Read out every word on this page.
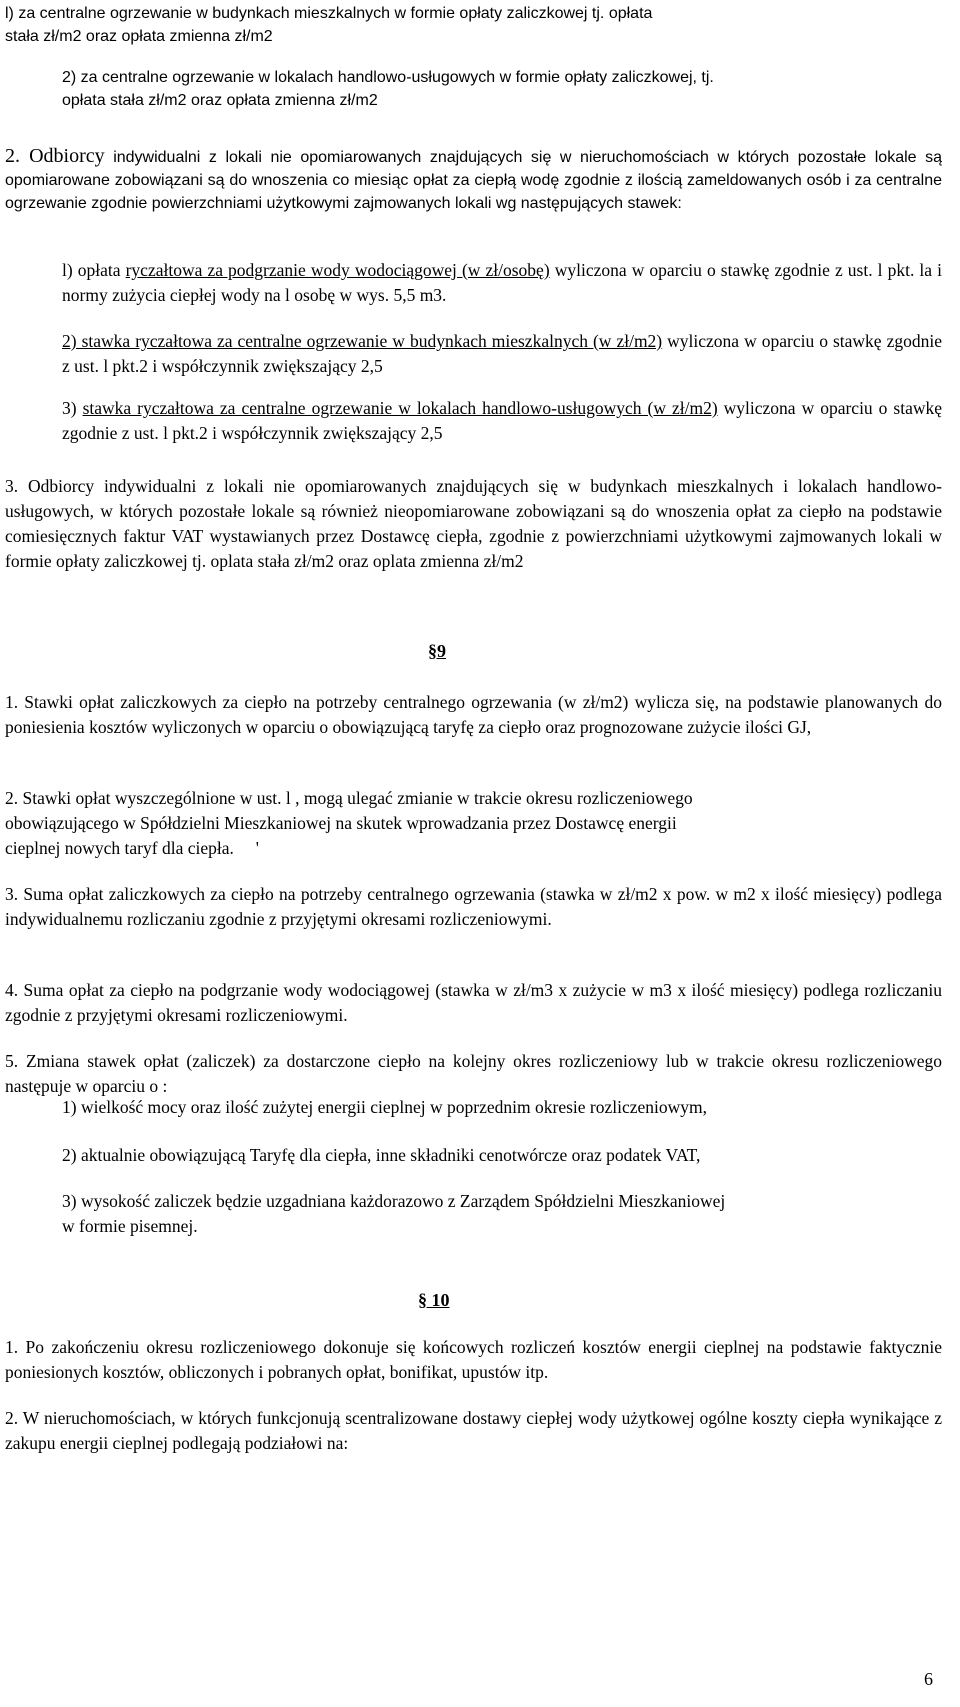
l) za centralne ogrzewanie w budynkach mieszkalnych w formie opłaty zaliczkowej tj. opłata
stała zł/m2 oraz opłata zmienna zł/m2
2) za centralne ogrzewanie w lokalach handlowo-usługowych w formie opłaty zaliczkowej, tj.
opłata stała zł/m2 oraz opłata zmienna zł/m2
2. Odbiorcy indywidualni z lokali nie opomiarowanych znajdujących się w nieruchomościach w których pozostałe lokale są opomiarowane zobowiązani są do wnoszenia co miesiąc opłat za ciepłą wodę zgodnie z ilością zameldowanych osób i za centralne ogrzewanie zgodnie powierzchniami użytkowymi zajmowanych lokali wg następujących stawek:
l) opłata ryczałtowa za podgrzanie wody wodociągowej (w zł/osobę) wyliczona w oparciu o stawkę zgodnie z ust. l pkt. la i normy zużycia ciepłej wody na l osobę w wys. 5,5 m3.
2) stawka ryczałtowa za centralne ogrzewanie w budynkach mieszkalnych (w zł/m2) wyliczona w oparciu o stawkę zgodnie z ust. l pkt.2 i współczynnik zwiększający 2,5
3) stawka ryczałtowa za centralne ogrzewanie w lokalach handlowo-usługowych (w zł/m2) wyliczona w oparciu o stawkę zgodnie z ust. l pkt.2 i współczynnik zwiększający 2,5
3. Odbiorcy indywidualni z lokali nie opomiarowanych znajdujących się w budynkach mieszkalnych i lokalach handlowo-usługowych, w których pozostałe lokale są również nieopomiarowane zobowiązani są do wnoszenia opłat za ciepło na podstawie comiesięcznych faktur VAT wystawianych przez Dostawcę ciepła, zgodnie z powierzchniami użytkowymi zajmowanych lokali w formie opłaty zaliczkowej tj. oplata stała zł/m2 oraz oplata zmienna zł/m2
§9
1. Stawki opłat zaliczkowych za ciepło na potrzeby centralnego ogrzewania (w zł/m2) wylicza się, na podstawie planowanych do poniesienia kosztów wyliczonych w oparciu o obowiązującą taryfę za ciepło oraz prognozowane zużycie ilości GJ,
2. Stawki opłat wyszczególnione w ust. l , mogą ulegać zmianie w trakcie okresu rozliczeniowego
obowiązującego w Spółdzielni Mieszkaniowej na skutek wprowadzania przez Dostawcę energii
cieplnej nowych taryf dla ciepła.     '
3. Suma opłat zaliczkowych za ciepło na potrzeby centralnego ogrzewania (stawka w zł/m2 x pow. w m2 x ilość miesięcy) podlega indywidualnemu rozliczaniu zgodnie z przyjętymi okresami rozliczeniowymi.
4. Suma opłat za ciepło na podgrzanie wody wodociągowej (stawka w zł/m3 x zużycie w m3 x ilość miesięcy) podlega rozliczaniu zgodnie z przyjętymi okresami rozliczeniowymi.
5. Zmiana stawek opłat (zaliczek) za dostarczone ciepło na kolejny okres rozliczeniowy lub w trakcie okresu rozliczeniowego następuje w oparciu o :
1) wielkość mocy oraz ilość zużytej energii cieplnej w poprzednim okresie rozliczeniowym,
2) aktualnie obowiązującą Taryfę dla ciepła, inne składniki cenotwórcze oraz podatek VAT,
3) wysokość zaliczek będzie uzgadniana każdorazowo z Zarządem Spółdzielni Mieszkaniowej
w formie pisemnej.
§ 10
1. Po zakończeniu okresu rozliczeniowego dokonuje się końcowych rozliczeń kosztów energii cieplnej na podstawie faktycznie poniesionych kosztów, obliczonych i pobranych opłat, bonifikat, upustów itp.
2. W nieruchomościach, w których funkcjonują scentralizowane dostawy ciepłej wody użytkowej ogólne koszty ciepła wynikające z zakupu energii cieplnej podlegają podziałowi na:
6
